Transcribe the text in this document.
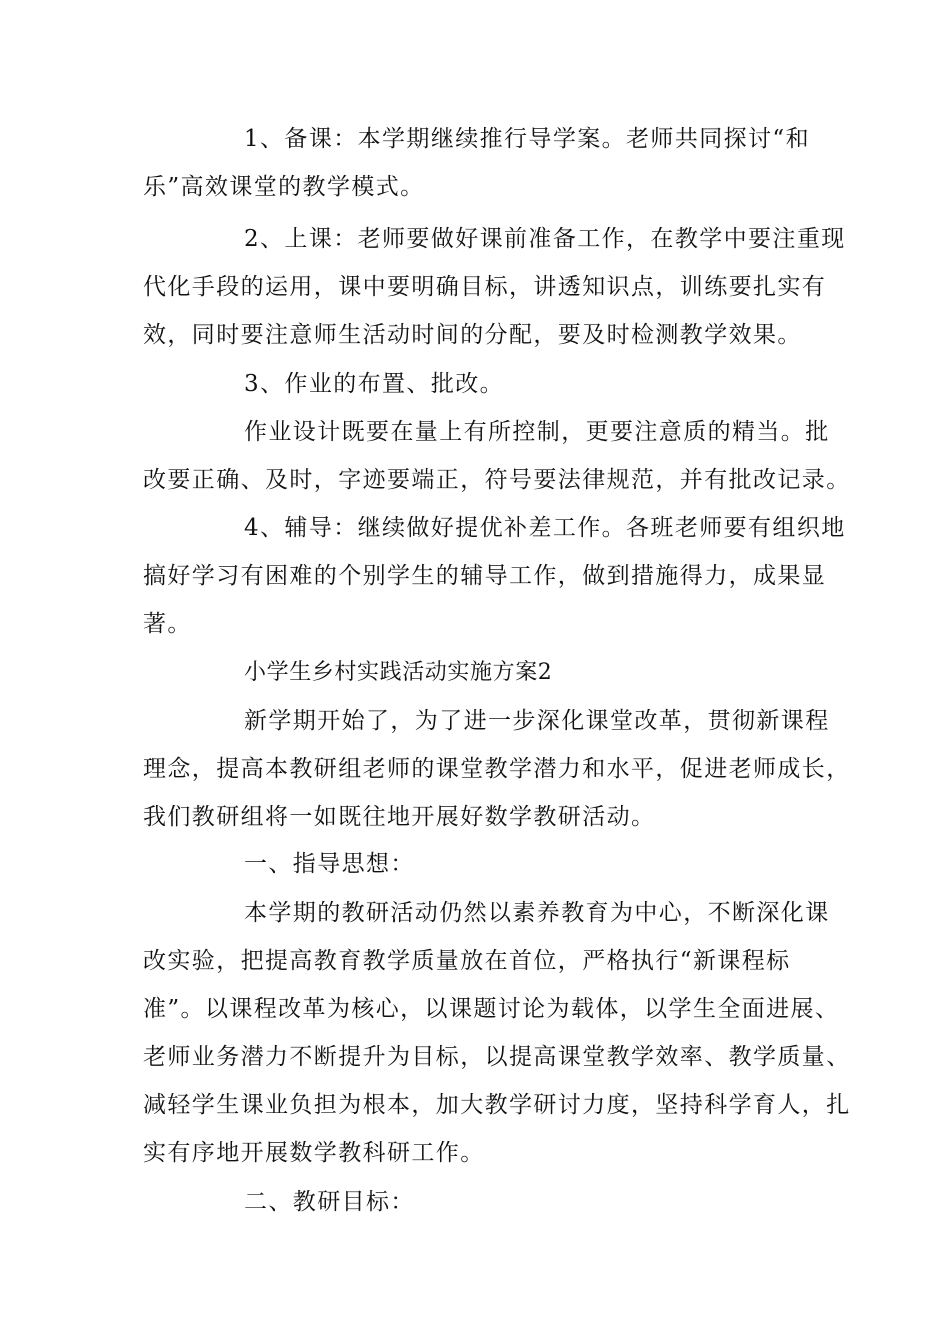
1、备课：本学期继续推行导学案。老师共同探讨“和
乐”高效课堂的教学模式。
2、上课：老师要做好课前准备工作，在教学中要注重现
代化手段的运用，课中要明确目标，讲透知识点，训练要扎实有
效，同时要注意师生活动时间的分配，要及时检测教学效果。
3、作业的布置、批改。
作业设计既要在量上有所控制，更要注意质的精当。批
改要正确、及时，字迹要端正，符号要法律规范，并有批改记录。
4、辅导：继续做好提优补差工作。各班老师要有组织地
搞好学习有困难的个别学生的辅导工作，做到措施得力，成果显
著。
小学生乡村实践活动实施方案2
新学期开始了，为了进一步深化课堂改革，贯彻新课程
理念，提高本教研组老师的课堂教学潜力和水平，促进老师成长，
我们教研组将一如既往地开展好数学教研活动。
一、指导思想：
本学期的教研活动仍然以素养教育为中心，不断深化课
改实验，把提高教育教学质量放在首位，严格执行“新课程标
准”。以课程改革为核心，以课题讨论为载体，以学生全面进展、
老师业务潜力不断提升为目标，以提高课堂教学效率、教学质量、
减轻学生课业负担为根本，加大教学研讨力度，坚持科学育人，扎
实有序地开展数学教科研工作。
二、教研目标：
